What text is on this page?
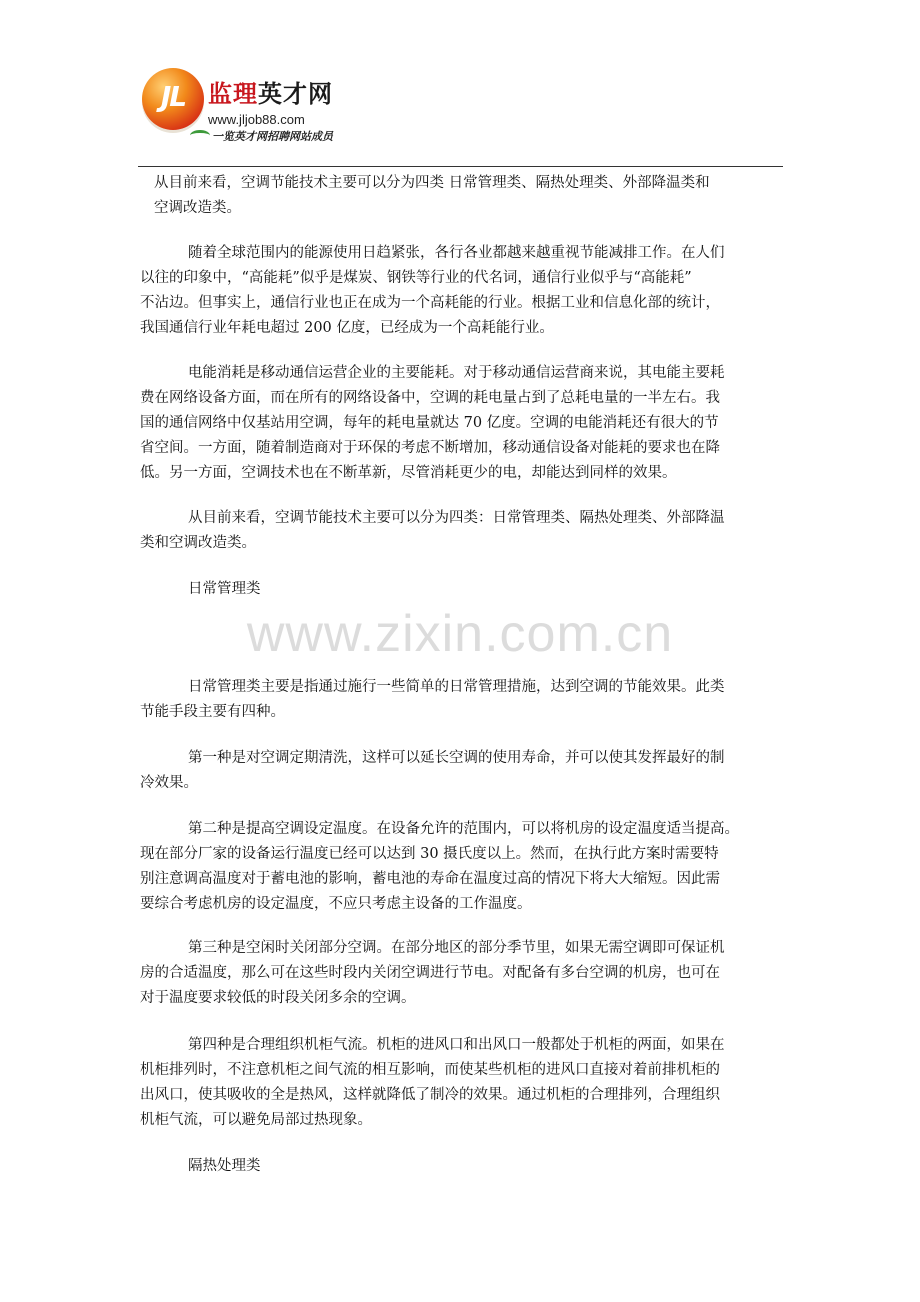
JL 监理英才网
www.jljob88.com
一览英才网招聘网站成员
www.zixin.com.cn
从目前来看，空调节能技术主要可以分为四类 日常管理类、隔热处理类、外部降温类和
空调改造类。
随着全球范围内的能源使用日趋紧张，各行各业都越来越重视节能减排工作。在人们
以往的印象中，“高能耗”似乎是煤炭、钢铁等行业的代名词，通信行业似乎与“高能耗”
不沾边。但事实上，通信行业也正在成为一个高耗能的行业。根据工业和信息化部的统计，
我国通信行业年耗电超过 200 亿度，已经成为一个高耗能行业。
电能消耗是移动通信运营企业的主要能耗。对于移动通信运营商来说，其电能主要耗
费在网络设备方面，而在所有的网络设备中，空调的耗电量占到了总耗电量的一半左右。我
国的通信网络中仅基站用空调，每年的耗电量就达 70 亿度。空调的电能消耗还有很大的节
省空间。一方面，随着制造商对于环保的考虑不断增加，移动通信设备对能耗的要求也在降
低。另一方面，空调技术也在不断革新，尽管消耗更少的电，却能达到同样的效果。
从目前来看，空调节能技术主要可以分为四类：日常管理类、隔热处理类、外部降温
类和空调改造类。
日常管理类
日常管理类主要是指通过施行一些简单的日常管理措施，达到空调的节能效果。此类
节能手段主要有四种。
第一种是对空调定期清洗，这样可以延长空调的使用寿命，并可以使其发挥最好的制
冷效果。
第二种是提高空调设定温度。在设备允许的范围内，可以将机房的设定温度适当提高。
现在部分厂家的设备运行温度已经可以达到 30 摄氏度以上。然而，在执行此方案时需要特
别注意调高温度对于蓄电池的影响，蓄电池的寿命在温度过高的情况下将大大缩短。因此需
要综合考虑机房的设定温度，不应只考虑主设备的工作温度。
第三种是空闲时关闭部分空调。在部分地区的部分季节里，如果无需空调即可保证机
房的合适温度，那么可在这些时段内关闭空调进行节电。对配备有多台空调的机房，也可在
对于温度要求较低的时段关闭多余的空调。
第四种是合理组织机柜气流。机柜的进风口和出风口一般都处于机柜的两面，如果在
机柜排列时，不注意机柜之间气流的相互影响，而使某些机柜的进风口直接对着前排机柜的
出风口，使其吸收的全是热风，这样就降低了制冷的效果。通过机柜的合理排列，合理组织
机柜气流，可以避免局部过热现象。
隔热处理类
